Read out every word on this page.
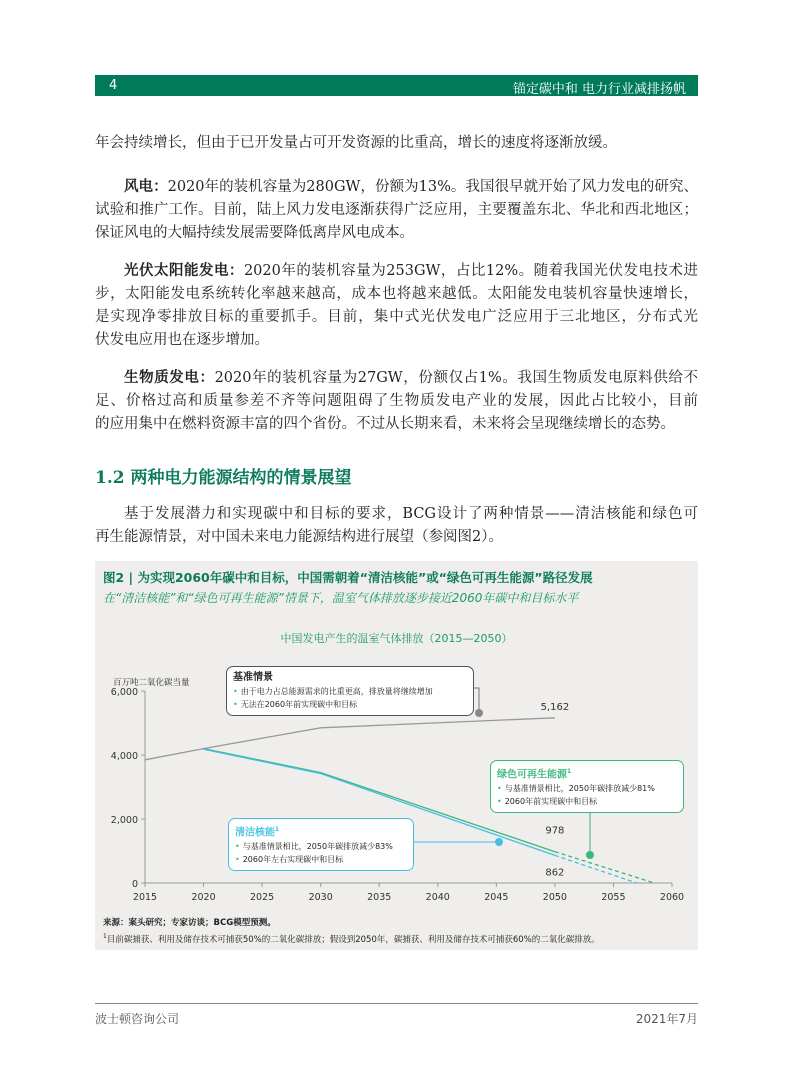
4	锚定碳中和 电力行业减排扬帆
年会持续增长，但由于已开发量占可开发资源的比重高，增长的速度将逐渐放缓。
风电：2020年的装机容量为280GW，份额为13%。我国很早就开始了风力发电的研究、
试验和推广工作。目前，陆上风力发电逐渐获得广泛应用，主要覆盖东北、华北和西北地区；
保证风电的大幅持续发展需要降低离岸风电成本。
光伏太阳能发电：2020年的装机容量为253GW，占比12%。随着我国光伏发电技术进
步，太阳能发电系统转化率越来越高，成本也将越来越低。太阳能发电装机容量快速增长，
是实现净零排放目标的重要抓手。目前，集中式光伏发电广泛应用于三北地区，分布式光
伏发电应用也在逐步增加。
生物质发电：2020年的装机容量为27GW，份额仅占1%。我国生物质发电原料供给不
足、价格过高和质量参差不齐等问题阻碍了生物质发电产业的发展，因此占比较小，目前
的应用集中在燃料资源丰富的四个省份。不过从长期来看，未来将会呈现继续增长的态势。
1.2 两种电力能源结构的情景展望
基于发展潜力和实现碳中和目标的要求，BCG设计了两种情景——清洁核能和绿色可
再生能源情景，对中国未来电力能源结构进行展望（参阅图2）。
图2 | 为实现2060年碳中和目标，中国需朝着“清洁核能”或“绿色可再生能源”路径发展
在“清洁核能”和“绿色可再生能源”情景下，温室气体排放逐步接近2060年碳中和目标水平
中国发电产生的温室气体排放（2015—2050）
百万吨二氧化碳当量
2015	2020	2025	2030	2035	2040	2045	2050	2055	2060
0
2,000
4,000
6,000
5,162
978
862
基准情景
• 由于电力占总能源需求的比重更高，排放量将继续增加
• 无法在2060年前实现碳中和目标
绿色可再生能源$^1$
• 与基准情景相比，2050年碳排放减少81%
• 2060年前实现碳中和目标
清洁核能$^1$
• 与基准情景相比，2050年碳排放减少83%
• 2060年左右实现碳中和目标
来源：案头研究；专家访谈；BCG模型预测。
$^1$目前碳捕获、利用及储存技术可捕获50%的二氧化碳排放；假设到2050年，碳捕获、利用及储存技术可捕获60%的二氧化碳排放。
波士顿咨询公司	2021年7月
